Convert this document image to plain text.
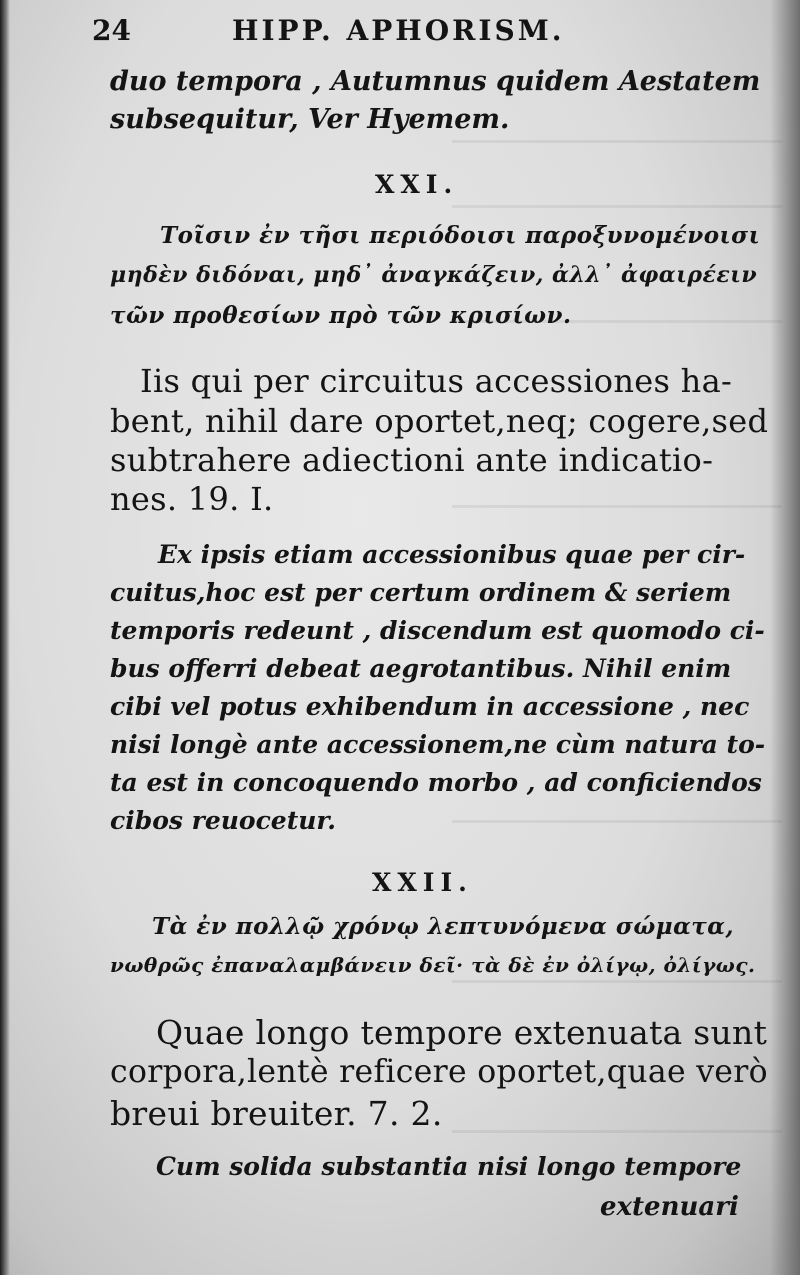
24	HIPP. APHORISM.
duo tempora , Autumnus quidem Aestatem
subsequitur, Ver Hyemem.
XXI.
Τοῖσιν ἐν τῆσι περιόδοισι παροξυνομένοισι
μηδὲν διδόναι, μηδ᾽ ἀναγκάζειν, ἀλλ᾽ ἀφαιρέειν
τῶν προθεσίων πρὸ τῶν κρισίων.
Iis qui per circuitus accessiones ha-
bent, nihil dare oportet,neq; cogere,sed
subtrahere adiectioni ante indicatio-
nes. 19. I.
Ex ipsis etiam accessionibus quae per cir-
cuitus,hoc est per certum ordinem & seriem
temporis redeunt , discendum est quomodo ci-
bus offerri debeat aegrotantibus. Nihil enim
cibi vel potus exhibendum in accessione , nec
nisi longè ante accessionem,ne cùm natura to-
ta est in concoquendo morbo , ad conficiendos
cibos reuocetur.
XXII.
Τὰ ἐν πολλῷ χρόνῳ λεπτυνόμενα σώματα,
νωθρῶς ἐπαναλαμβάνειν δεῖ· τὰ δὲ ἐν ὀλίγῳ, ὀλίγως.
Quae longo tempore extenuata sunt
corpora,lentè reficere oportet,quae verò
breui breuiter. 7. 2.
Cum solida substantia nisi longo tempore
extenuari
